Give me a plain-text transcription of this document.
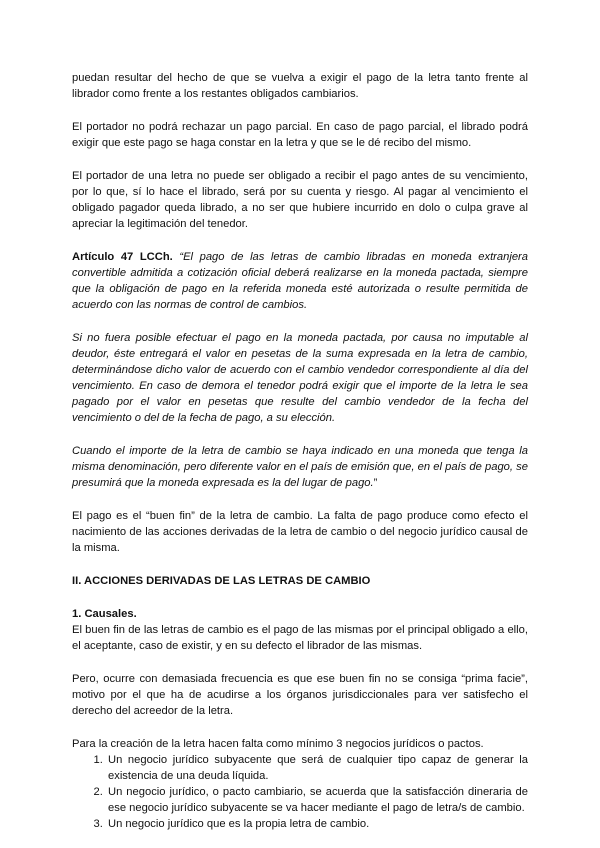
puedan resultar del hecho de que se vuelva a exigir el pago de la letra tanto frente al librador como frente a los restantes obligados cambiarios.

El portador no podrá rechazar un pago parcial. En caso de pago parcial, el librado podrá exigir que este pago se haga constar en la letra y que se le dé recibo del mismo.

El portador de una letra no puede ser obligado a recibir el pago antes de su vencimiento, por lo que, sí lo hace el librado, será por su cuenta y riesgo. Al pagar al vencimiento el obligado pagador queda librado, a no ser que hubiere incurrido en dolo o culpa grave al apreciar la legitimación del tenedor.

Artículo 47 LCCh. “El pago de las letras de cambio libradas en moneda extranjera convertible admitida a cotización oficial deberá realizarse en la moneda pactada, siempre que la obligación de pago en la referida moneda esté autorizada o resulte permitida de acuerdo con las normas de control de cambios.

Si no fuera posible efectuar el pago en la moneda pactada, por causa no imputable al deudor, éste entregará el valor en pesetas de la suma expresada en la letra de cambio, determinándose dicho valor de acuerdo con el cambio vendedor correspondiente al día del vencimiento. En caso de demora el tenedor podrá exigir que el importe de la letra le sea pagado por el valor en pesetas que resulte del cambio vendedor de la fecha del vencimiento o del de la fecha de pago, a su elección.

Cuando el importe de la letra de cambio se haya indicado en una moneda que tenga la misma denominación, pero diferente valor en el país de emisión que, en el país de pago, se presumirá que la moneda expresada es la del lugar de pago.”

El pago es el “buen fin” de la letra de cambio. La falta de pago produce como efecto el nacimiento de las acciones derivadas de la letra de cambio o del negocio jurídico causal de la misma.

II. ACCIONES DERIVADAS DE LAS LETRAS DE CAMBIO

1. Causales.

El buen fin de las letras de cambio es el pago de las mismas por el principal obligado a ello, el aceptante, caso de existir, y en su defecto el librador de las mismas.

Pero, ocurre con demasiada frecuencia es que ese buen fin no se consiga “prima facie”, motivo por el que ha de acudirse a los órganos jurisdiccionales para ver satisfecho el derecho del acreedor de la letra.

Para la creación de la letra hacen falta como mínimo 3 negocios jurídicos o pactos.

1. Un negocio jurídico subyacente que será de cualquier tipo capaz de generar la existencia de una deuda líquida.
2. Un negocio jurídico, o pacto cambiario, se acuerda que la satisfacción dineraria de ese negocio jurídico subyacente se va hacer mediante el pago de letra/s de cambio.
3. Un negocio jurídico que es la propia letra de cambio.
